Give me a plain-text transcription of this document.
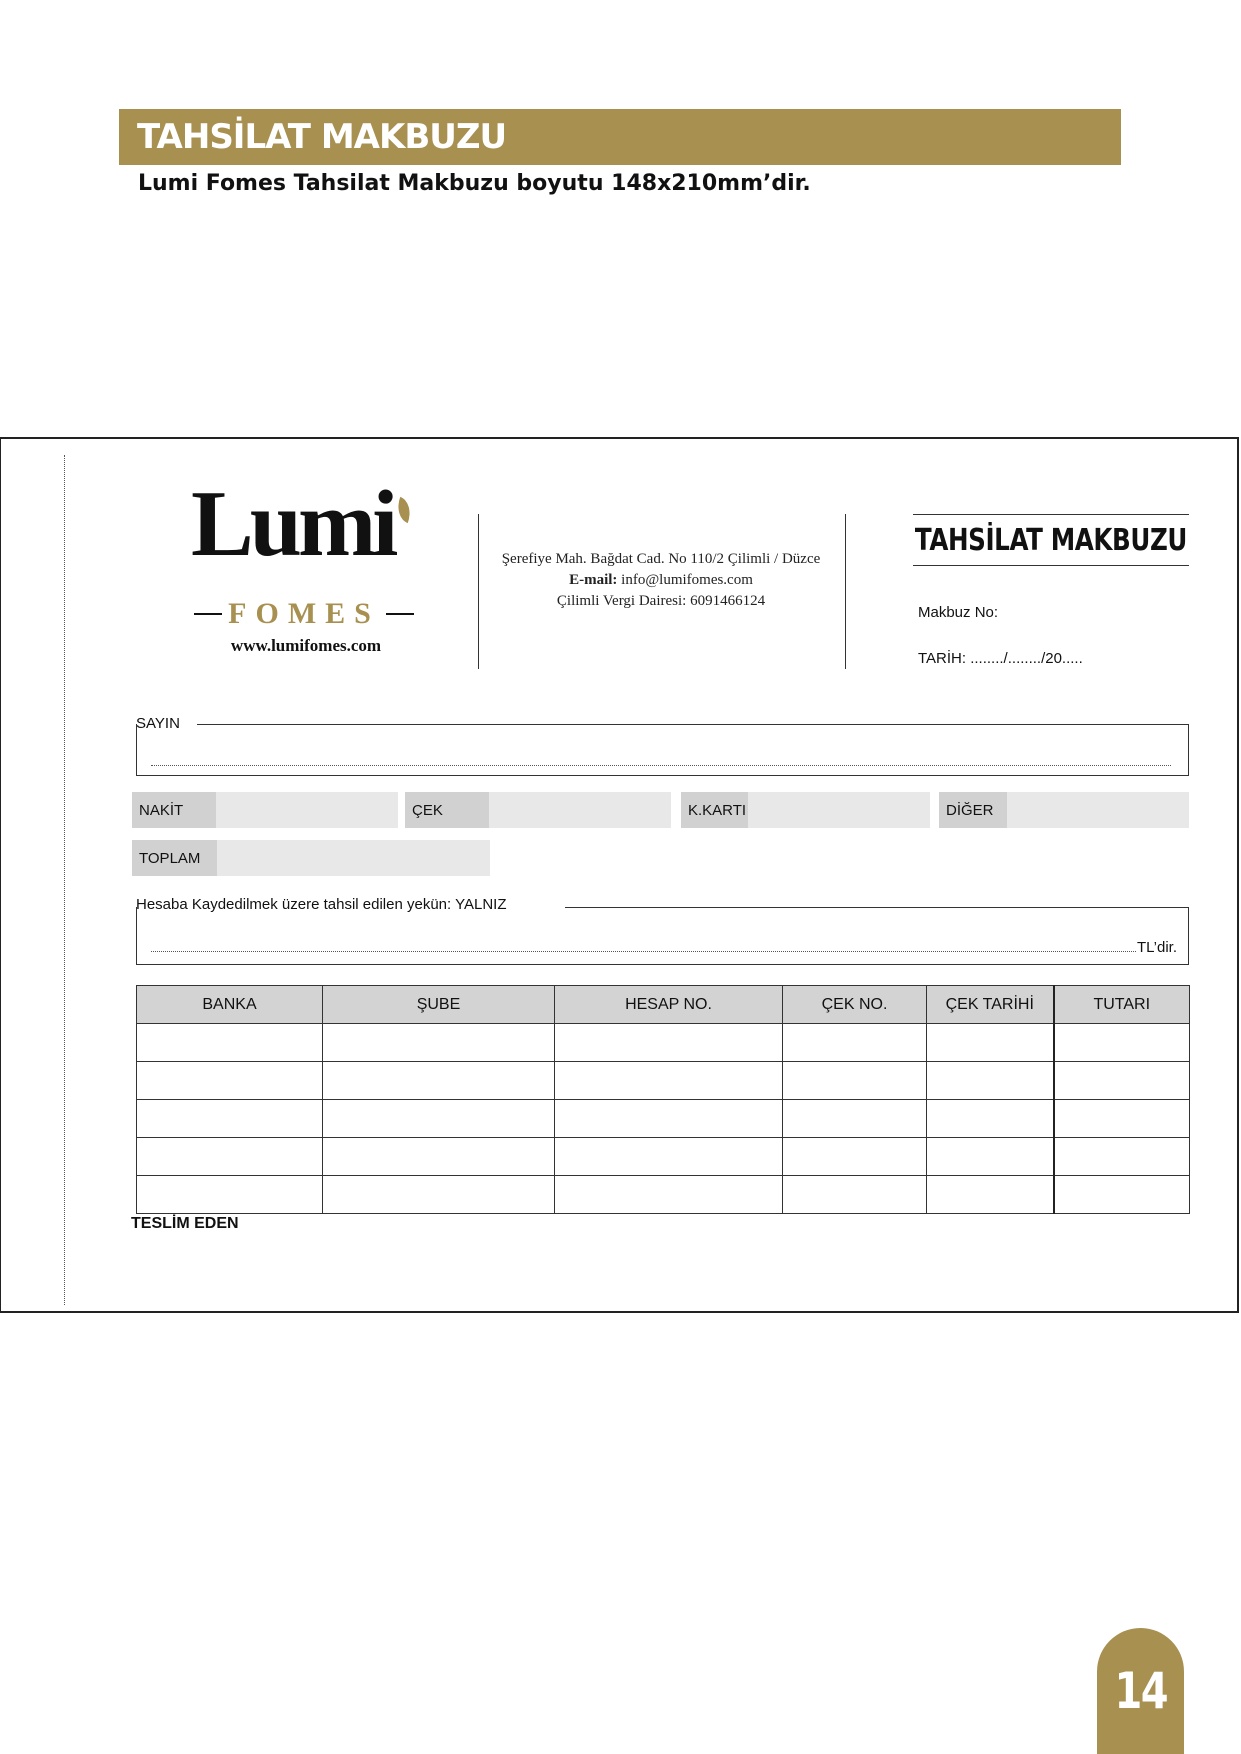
TAHSİLAT MAKBUZU
Lumi Fomes Tahsilat Makbuzu boyutu 148x210mm’dir.
Lumi
FOMES
www.lumifomes.com
Şerefiye Mah. Bağdat Cad. No 110/2 Çilimli / Düzce
E-mail: info@lumifomes.com
Çilimli Vergi Dairesi: 6091466124
TAHSİLAT MAKBUZU
Makbuz No:
TARİH: ......../......../20.....
SAYIN
NAKİT	ÇEK	K.KARTI	DİĞER
TOPLAM
Hesaba Kaydedilmek üzere tahsil edilen yekün: YALNIZ
TL’dir.
BANKA	ŞUBE	HESAP NO.	ÇEK NO.	ÇEK TARİHİ	TUTARI

TESLİM EDEN
14
